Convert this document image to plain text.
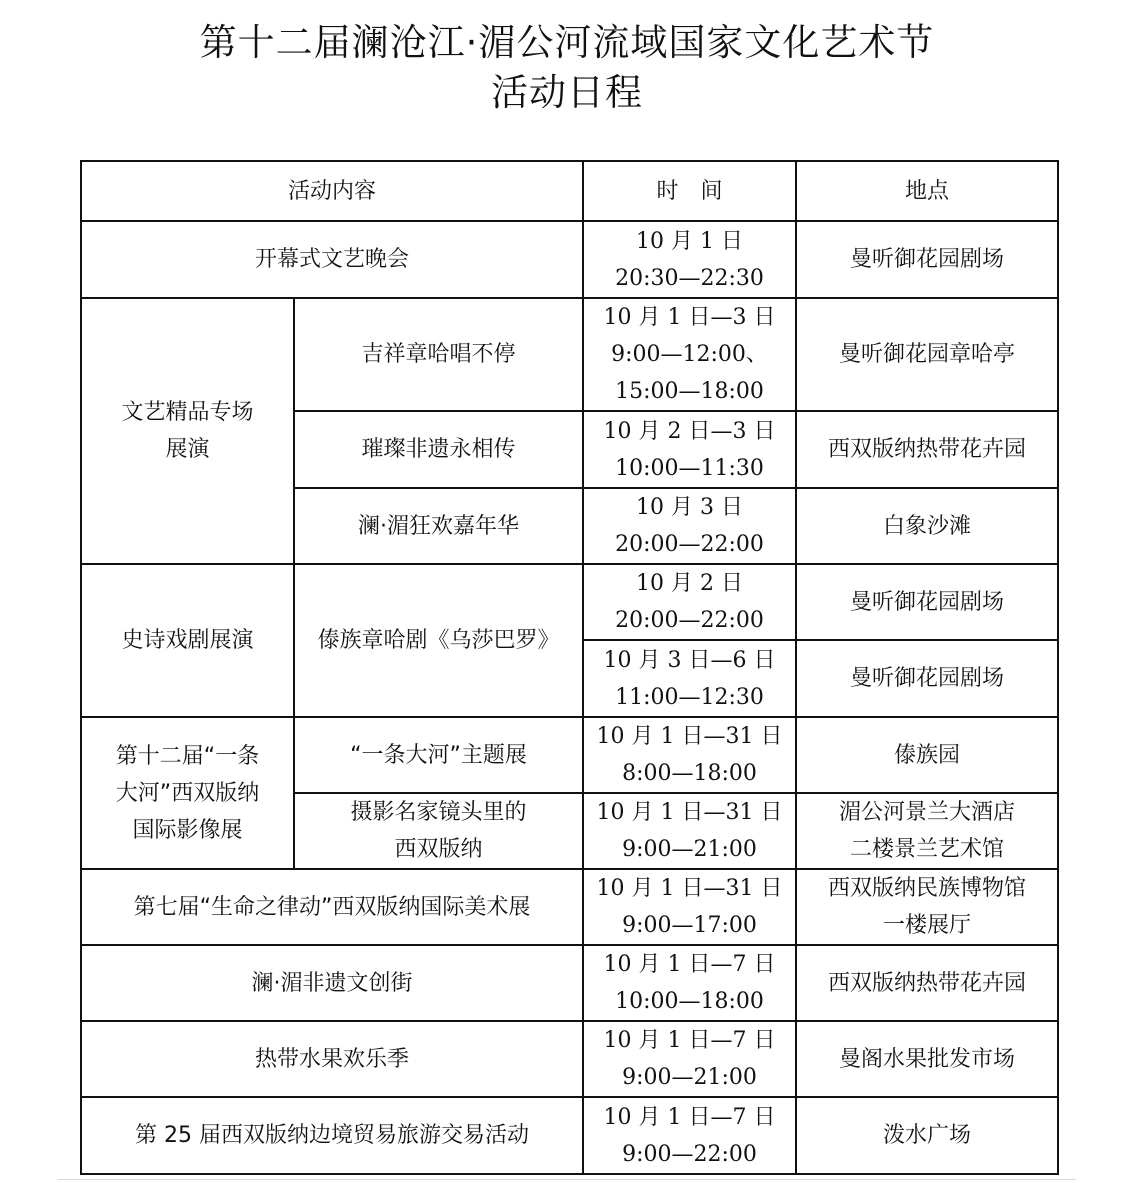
第十二届澜沧江·湄公河流域国家文化艺术节
活动日程
活动内容		时　间	地点
开幕式文艺晚会		10 月 1 日
20:30—22:30	曼听御花园剧场

文艺精品专场
展演	吉祥章哈唱不停	10 月 1 日—3 日
9:00—12:00、
15:00—18:00	曼听御花园章哈亭
	璀璨非遗永相传	10 月 2 日—3 日
10:00—11:30	西双版纳热带花卉园
	澜·湄狂欢嘉年华	10 月 3 日
20:00—22:00	白象沙滩
史诗戏剧展演	傣族章哈剧《乌莎巴罗》	10 月 2 日
20:00—22:00	曼听御花园剧场

		10 月 3 日—6 日
11:00—12:30	曼听御花园剧场

第十二届“一条
大河”西双版纳
国际影像展	“一条大河”主题展	10 月 1 日—31 日
8:00—18:00	傣族园

	摄影名家镜头里的
西双版纳	10 月 1 日—31 日
9:00—21:00	湄公河景兰大酒店
二楼景兰艺术馆

第七届“生命之律动”西双版纳国际美术展		10 月 1 日—31 日
9:00—17:00	西双版纳民族博物馆
一楼展厅

澜·湄非遗文创街		10 月 1 日—7 日
10:00—18:00	西双版纳热带花卉园
热带水果欢乐季		10 月 1 日—7 日
9:00—21:00	曼阁水果批发市场
第 25 届西双版纳边境贸易旅游交易活动		10 月 1 日—7 日
9:00—22:00	泼水广场
